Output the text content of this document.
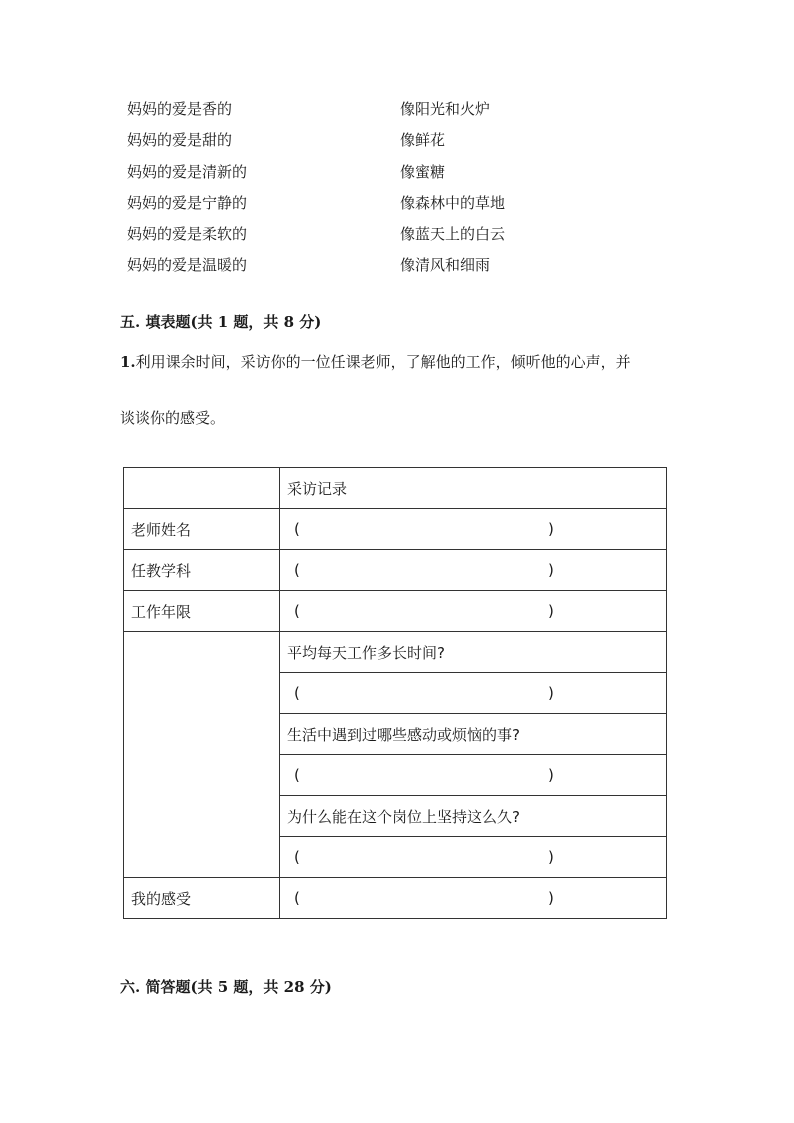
妈妈的爱是香的	像阳光和火炉
妈妈的爱是甜的	像鲜花
妈妈的爱是清新的	像蜜糖
妈妈的爱是宁静的	像森林中的草地
妈妈的爱是柔软的	像蓝天上的白云
妈妈的爱是温暖的	像清风和细雨
五. 填表题(共 1 题，共 8 分)
1.利用课余时间，采访你的一位任课老师，了解他的工作，倾听他的心声，并
谈谈你的感受。
	采访记录
老师姓名	( )

任教学科	( )

工作年限	( )

	平均每天工作多长时间?

	( )

	生活中遇到过哪些感动或烦恼的事?

	( )

	为什么能在这个岗位上坚持这么久?

	( )

我的感受	( )
六. 简答题(共 5 题，共 28 分)
